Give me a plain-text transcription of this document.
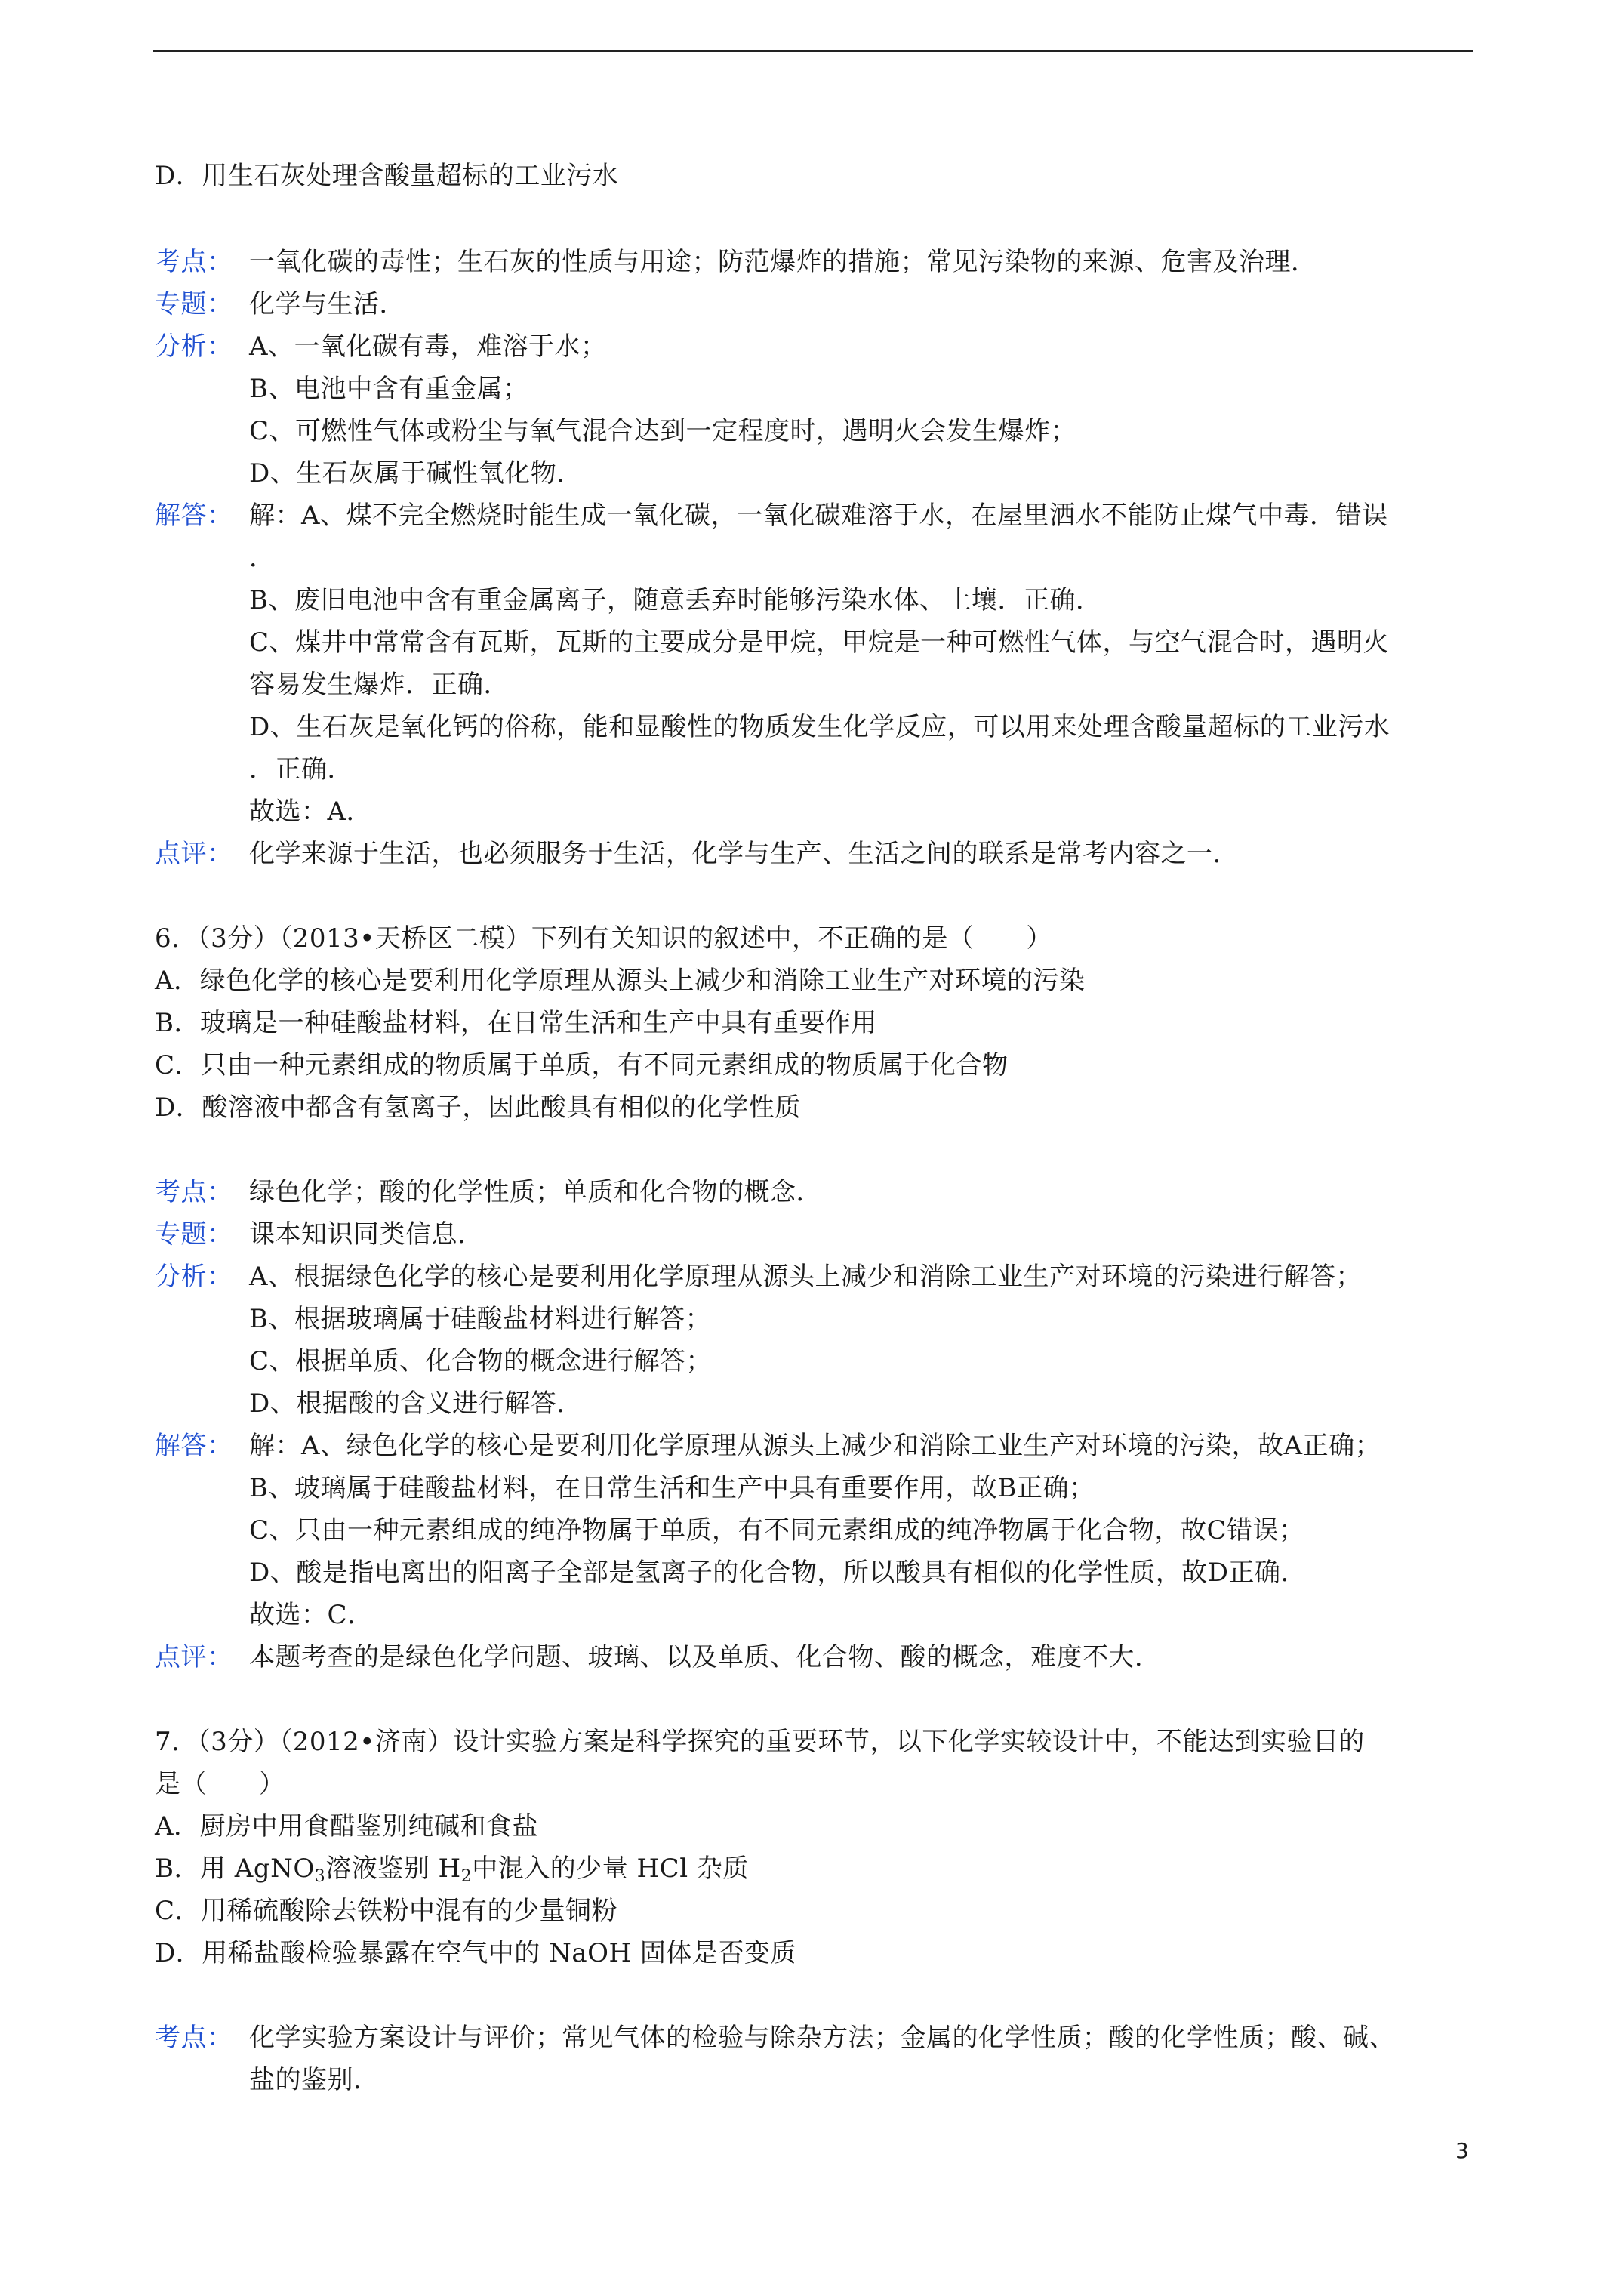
D．用生石灰处理含酸量超标的工业污水
考点： 一氧化碳的毒性；生石灰的性质与用途；防范爆炸的措施；常见污染物的来源、危害及治理．
专题： 化学与生活．
分析： A、一氧化碳有毒，难溶于水；
B、电池中含有重金属；
C、可燃性气体或粉尘与氧气混合达到一定程度时，遇明火会发生爆炸；
D、生石灰属于碱性氧化物．
解答： 解：A、煤不完全燃烧时能生成一氧化碳，一氧化碳难溶于水，在屋里洒水不能防止煤气中毒．错误
．
B、废旧电池中含有重金属离子，随意丢弃时能够污染水体、土壤．正确．
C、煤井中常常含有瓦斯，瓦斯的主要成分是甲烷，甲烷是一种可燃性气体，与空气混合时，遇明火
容易发生爆炸．正确．
D、生石灰是氧化钙的俗称，能和显酸性的物质发生化学反应，可以用来处理含酸量超标的工业污水
．正确．
故选：A．
点评： 化学来源于生活，也必须服务于生活，化学与生产、生活之间的联系是常考内容之一．
6．（3分）（2013•天桥区二模）下列有关知识的叙述中，不正确的是（　　）
A．绿色化学的核心是要利用化学原理从源头上减少和消除工业生产对环境的污染
B．玻璃是一种硅酸盐材料，在日常生活和生产中具有重要作用
C．只由一种元素组成的物质属于单质，有不同元素组成的物质属于化合物
D．酸溶液中都含有氢离子，因此酸具有相似的化学性质
考点： 绿色化学；酸的化学性质；单质和化合物的概念．
专题： 课本知识同类信息．
分析： A、根据绿色化学的核心是要利用化学原理从源头上减少和消除工业生产对环境的污染进行解答；
B、根据玻璃属于硅酸盐材料进行解答；
C、根据单质、化合物的概念进行解答；
D、根据酸的含义进行解答．
解答： 解：A、绿色化学的核心是要利用化学原理从源头上减少和消除工业生产对环境的污染，故A正确；
B、玻璃属于硅酸盐材料，在日常生活和生产中具有重要作用，故B正确；
C、只由一种元素组成的纯净物属于单质，有不同元素组成的纯净物属于化合物，故C错误；
D、酸是指电离出的阳离子全部是氢离子的化合物，所以酸具有相似的化学性质，故D正确．
故选：C．
点评： 本题考查的是绿色化学问题、玻璃、以及单质、化合物、酸的概念，难度不大．
7．（3分）（2012•济南）设计实验方案是科学探究的重要环节，以下化学实较设计中，不能达到实验目的
是（　　）
A．厨房中用食醋鉴别纯碱和食盐
B．用 AgNO$_3$溶液鉴别 $H_2$中混入的少量 HCl 杂质
C．用稀硫酸除去铁粉中混有的少量铜粉
D．用稀盐酸检验暴露在空气中的 NaOH 固体是否变质
考点： 化学实验方案设计与评价；常见气体的检验与除杂方法；金属的化学性质；酸的化学性质；酸、碱、
盐的鉴别．
3
